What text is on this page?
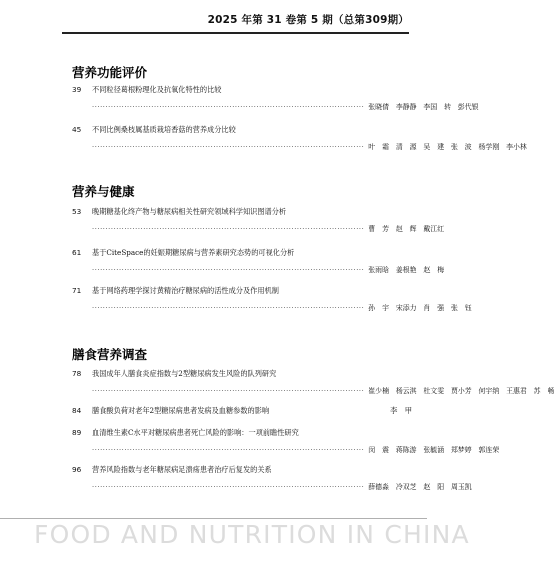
2025 年第 31 卷第 5 期（总第309期）
营养功能评价
39 不同粒径葛根粉理化及抗氧化特性的比较
····································································································· 张晓倩　李静静　李国　转　彭代银
45 不同比例桑枝属基质栽培香菇的营养成分比较
····································································································· 叶　霜　清　源　吴　建　张　波　杨学刚　李小林
营养与健康
53 晚期糖基化终产物与糖尿病相关性研究领域科学知识图谱分析
····································································································· 曹　芳　赵　辉　戴江红
61 基于CiteSpace的妊娠期糖尿病与营养素研究态势的可视化分析
····································································································· 张雨晗　姜根艳　赵　梅
71 基于网络药理学探讨黄精治疗糖尿病的活性成分及作用机制
····································································································· 孙　宇　宋添力　肖　强　张　钰
膳食营养调查
78 我国成年人膳食炎症指数与2型糖尿病发生风险的队列研究
····································································································· 崔少楠　杨云淇　杜文雯　贾小芳　何宇纳　王惠君　苏　畅
84 膳食酸负荷对老年2型糖尿病患者发病及血糖参数的影响	李　甲
89 血清维生素C水平对糖尿病患者死亡风险的影响：一项前瞻性研究
····································································································· 闵　震　蒋陈游　张毓涵　郑梦婷　郭连荣
96 营养风险指数与老年糖尿病足溃疡患者治疗后复发的关系
····································································································· 薛德淼　冷双芝　赵　阳　周玉凯
FOOD AND NUTRITION IN CHINA
